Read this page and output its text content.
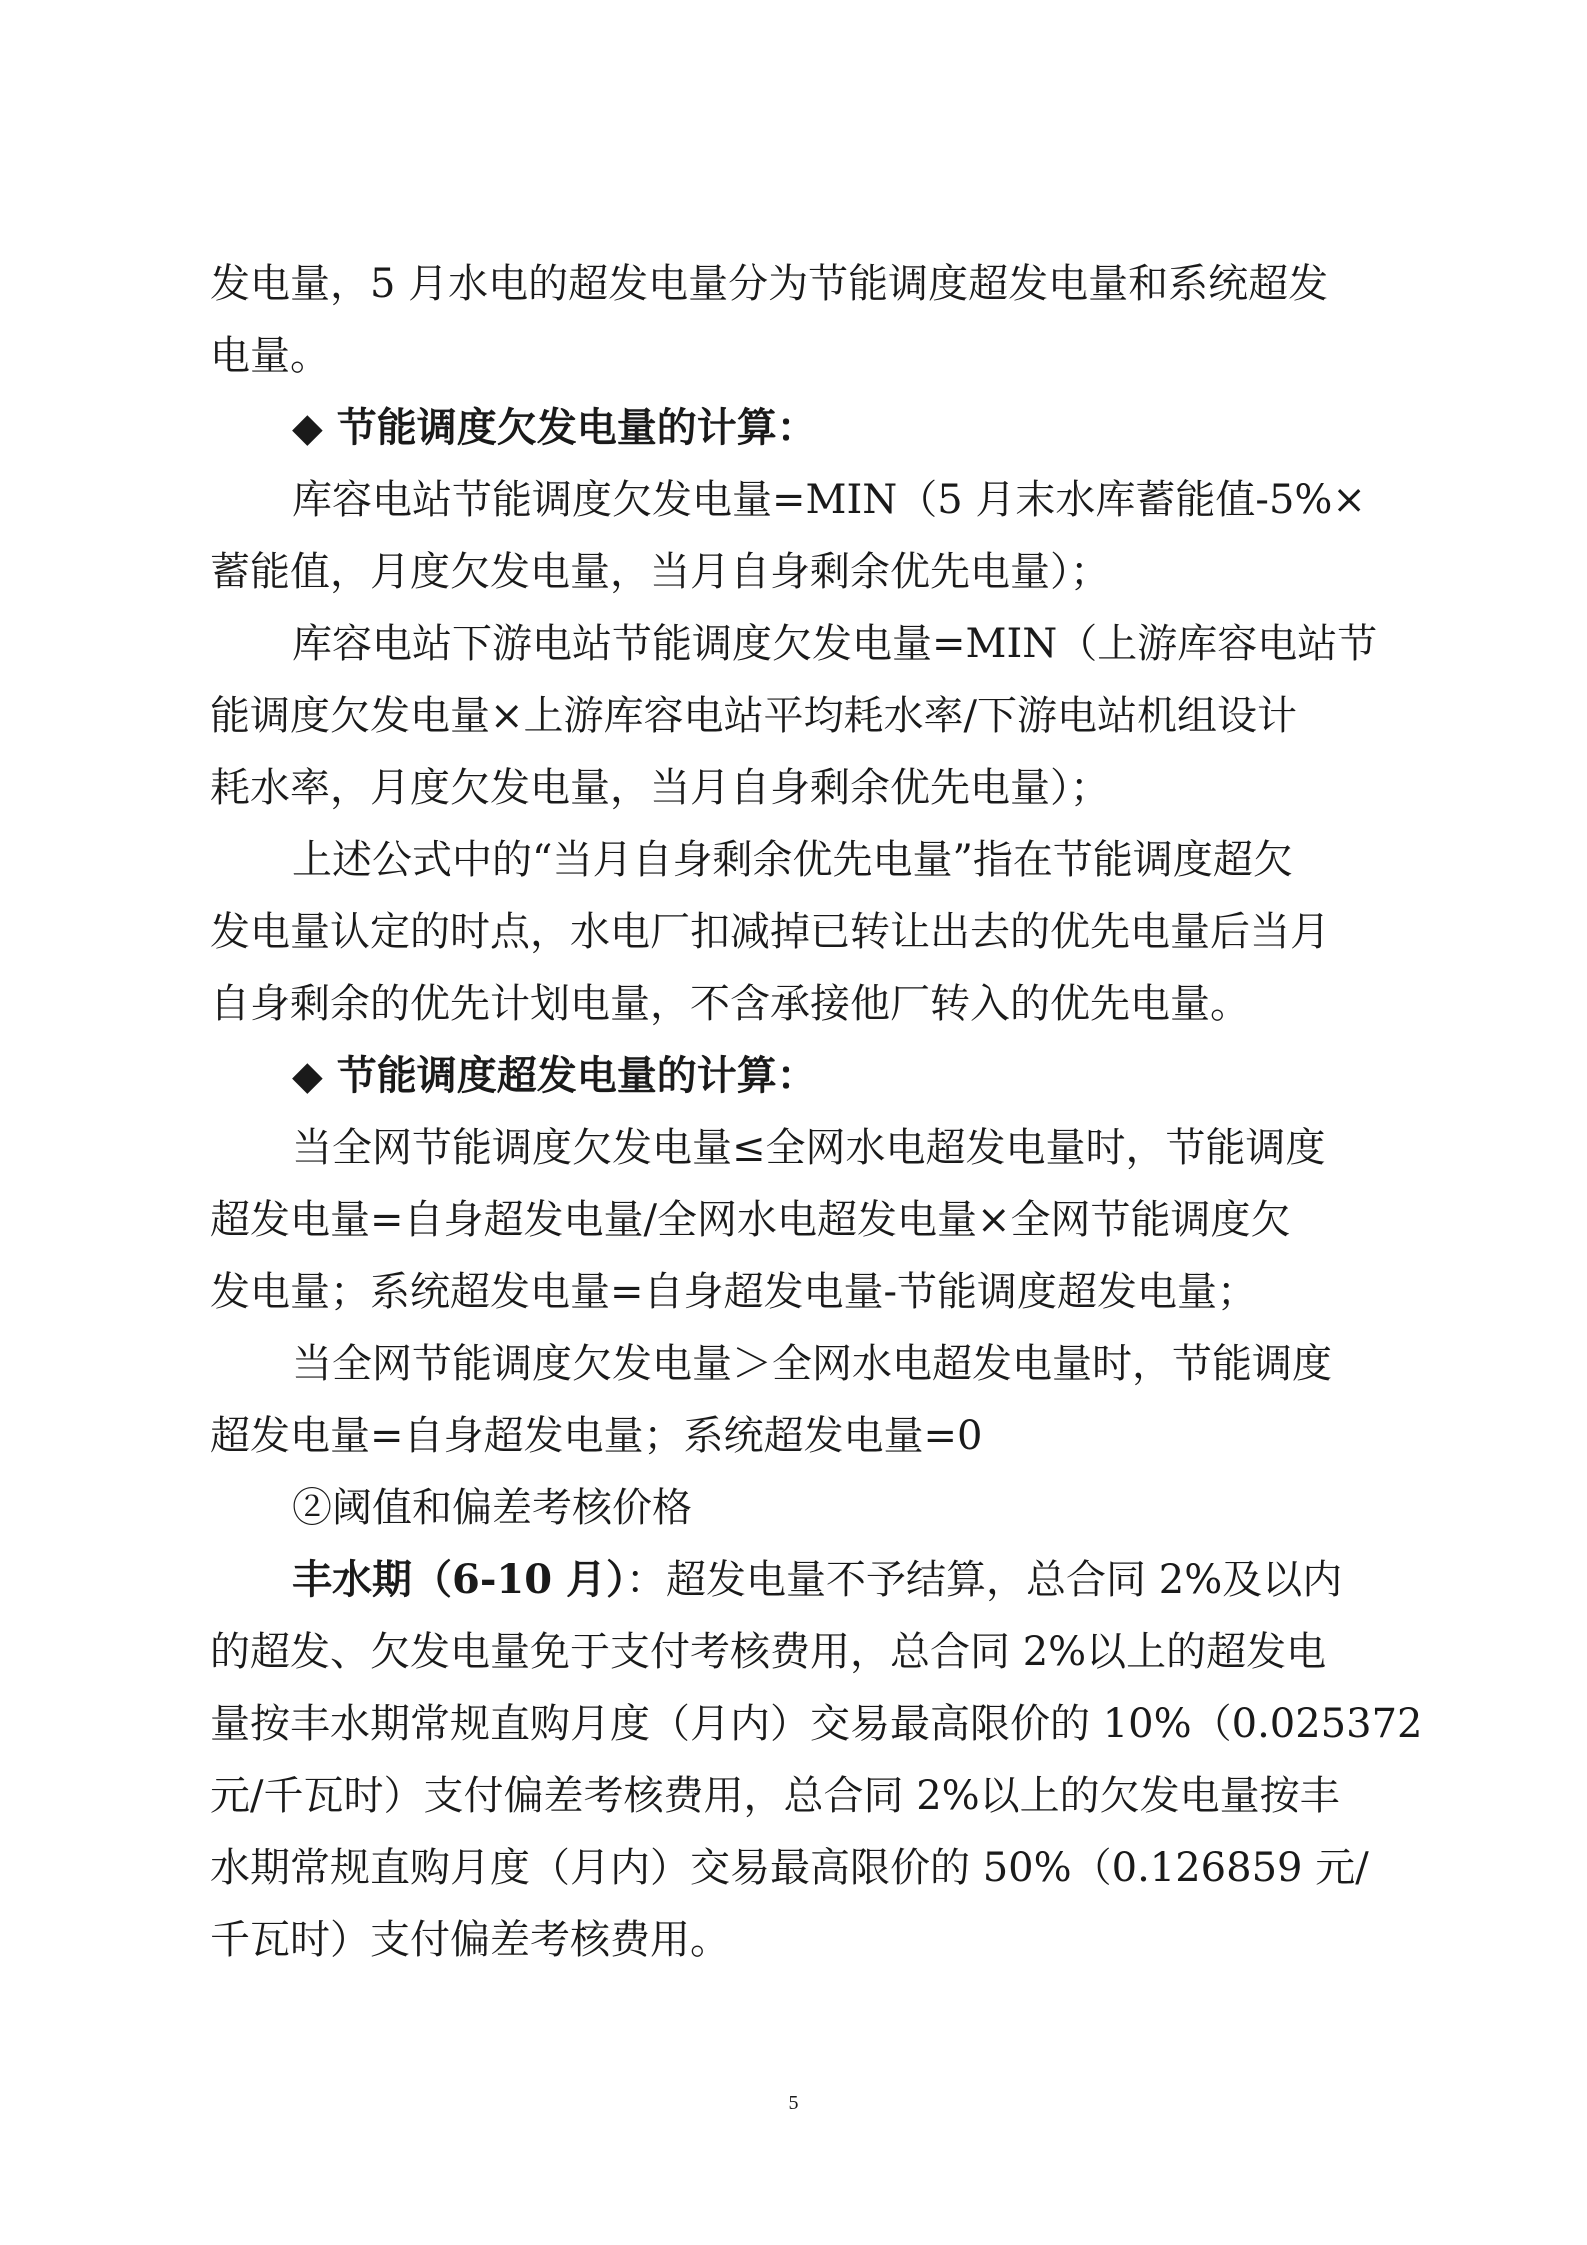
发电量，5 月水电的超发电量分为节能调度超发电量和系统超发
电量。
◆ 节能调度欠发电量的计算：
库容电站节能调度欠发电量=MIN（5 月末水库蓄能值-5%×
蓄能值，月度欠发电量，当月自身剩余优先电量）；
库容电站下游电站节能调度欠发电量=MIN（上游库容电站节
能调度欠发电量×上游库容电站平均耗水率/下游电站机组设计
耗水率，月度欠发电量，当月自身剩余优先电量）；
上述公式中的“当月自身剩余优先电量”指在节能调度超欠
发电量认定的时点，水电厂扣减掉已转让出去的优先电量后当月
自身剩余的优先计划电量，不含承接他厂转入的优先电量。
◆ 节能调度超发电量的计算：
当全网节能调度欠发电量≤全网水电超发电量时，节能调度
超发电量=自身超发电量/全网水电超发电量×全网节能调度欠
发电量；系统超发电量=自身超发电量-节能调度超发电量；
当全网节能调度欠发电量＞全网水电超发电量时，节能调度
超发电量=自身超发电量；系统超发电量=0
②阈值和偏差考核价格
丰水期（6-10 月）：超发电量不予结算，总合同 2%及以内
的超发、欠发电量免于支付考核费用，总合同 2%以上的超发电
量按丰水期常规直购月度（月内）交易最高限价的 10%（0.025372
元/千瓦时）支付偏差考核费用，总合同 2%以上的欠发电量按丰
水期常规直购月度（月内）交易最高限价的 50%（0.126859 元/
千瓦时）支付偏差考核费用。
5
